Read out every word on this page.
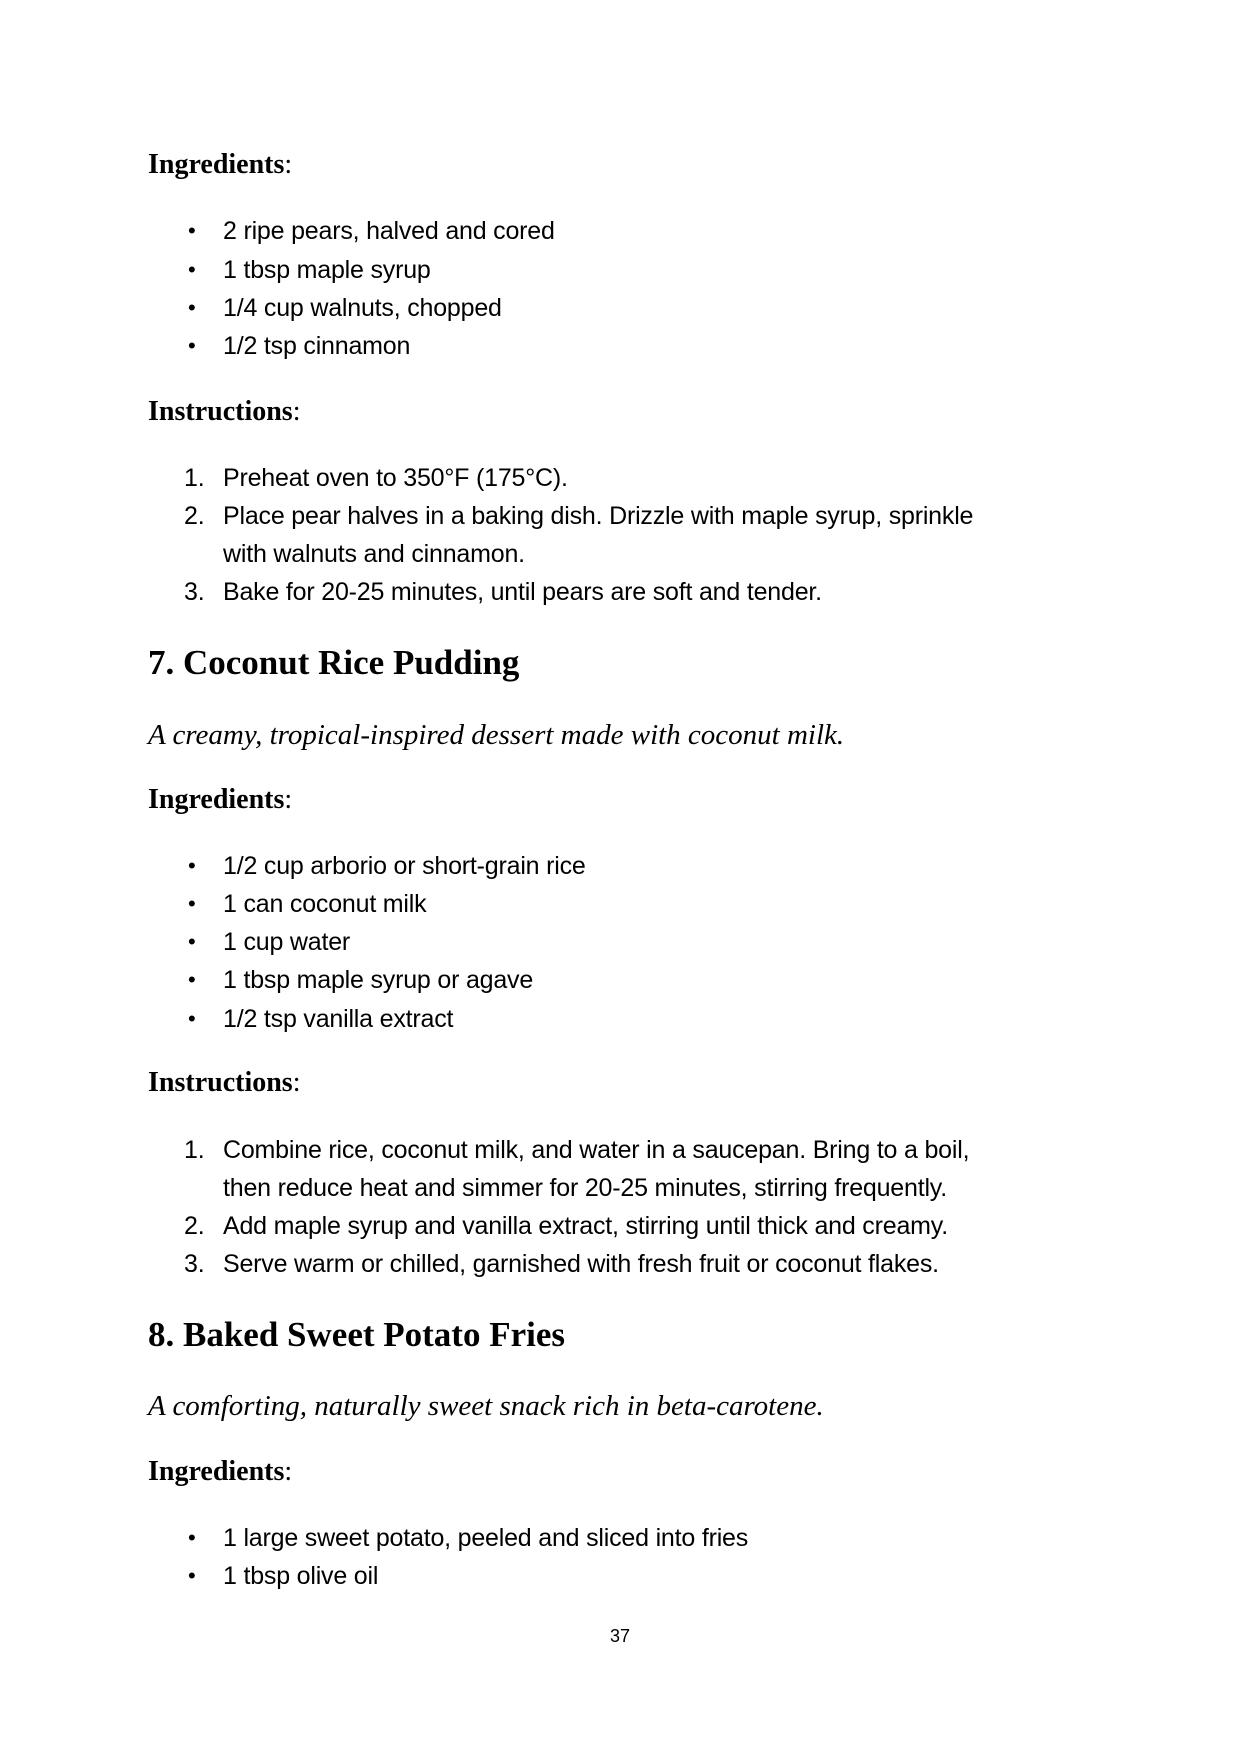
Ingredients:
• 2 ripe pears, halved and cored
• 1 tbsp maple syrup
• 1/4 cup walnuts, chopped
• 1/2 tsp cinnamon
Instructions:
1. Preheat oven to 350°F (175°C).
2. Place pear halves in a baking dish. Drizzle with maple syrup, sprinkle
with walnuts and cinnamon.
3. Bake for 20-25 minutes, until pears are soft and tender.
7. Coconut Rice Pudding
A creamy, tropical-inspired dessert made with coconut milk.
Ingredients:
• 1/2 cup arborio or short-grain rice
• 1 can coconut milk
• 1 cup water
• 1 tbsp maple syrup or agave
• 1/2 tsp vanilla extract
Instructions:
1. Combine rice, coconut milk, and water in a saucepan. Bring to a boil,
then reduce heat and simmer for 20-25 minutes, stirring frequently.
2. Add maple syrup and vanilla extract, stirring until thick and creamy.
3. Serve warm or chilled, garnished with fresh fruit or coconut flakes.
8. Baked Sweet Potato Fries
A comforting, naturally sweet snack rich in beta-carotene.
Ingredients:
• 1 large sweet potato, peeled and sliced into fries
• 1 tbsp olive oil
37
